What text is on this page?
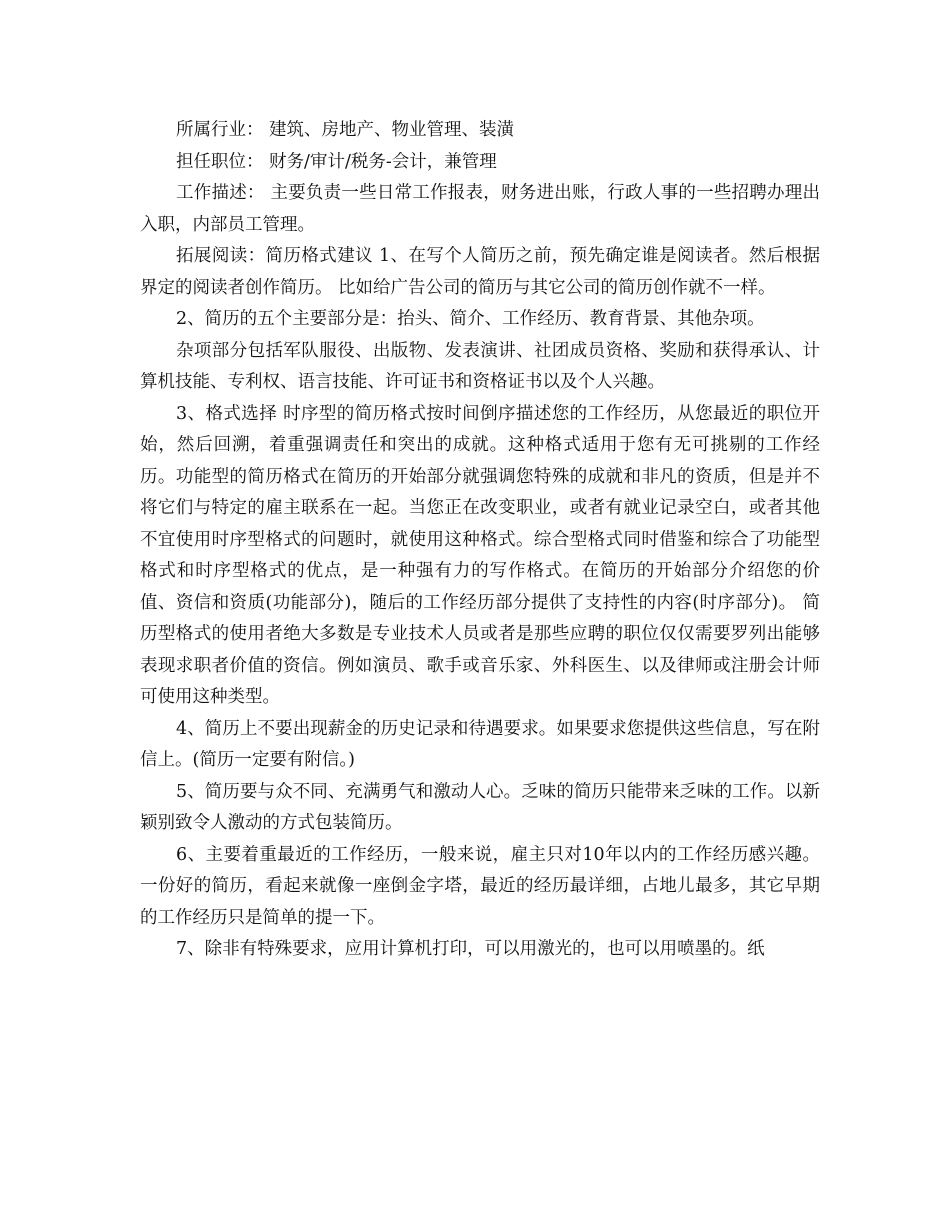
所属行业： 建筑、房地产、物业管理、装潢

担任职位： 财务/审计/税务-会计，兼管理

工作描述： 主要负责一些日常工作报表，财务进出账，行政人事的一些招聘办理出入职，内部员工管理。

拓展阅读：简历格式建议 1、在写个人简历之前，预先确定谁是阅读者。然后根据界定的阅读者创作简历。 比如给广告公司的简历与其它公司的简历创作就不一样。

2、简历的五个主要部分是：抬头、简介、工作经历、教育背景、其他杂项。

杂项部分包括军队服役、出版物、发表演讲、社团成员资格、奖励和获得承认、计算机技能、专利权、语言技能、许可证书和资格证书以及个人兴趣。

3、格式选择 时序型的简历格式按时间倒序描述您的工作经历，从您最近的职位开始，然后回溯，着重强调责任和突出的成就。这种格式适用于您有无可挑剔的工作经历。功能型的简历格式在简历的开始部分就强调您特殊的成就和非凡的资质，但是并不将它们与特定的雇主联系在一起。当您正在改变职业，或者有就业记录空白，或者其他不宜使用时序型格式的问题时，就使用这种格式。综合型格式同时借鉴和综合了功能型格式和时序型格式的优点，是一种强有力的写作格式。在简历的开始部分介绍您的价值、资信和资质(功能部分)，随后的工作经历部分提供了支持性的内容(时序部分)。 简历型格式的使用者绝大多数是专业技术人员或者是那些应聘的职位仅仅需要罗列出能够表现求职者价值的资信。例如演员、歌手或音乐家、外科医生、以及律师或注册会计师可使用这种类型。

4、简历上不要出现薪金的历史记录和待遇要求。如果要求您提供这些信息，写在附信上。(简历一定要有附信。)

5、简历要与众不同、充满勇气和激动人心。乏味的简历只能带来乏味的工作。以新颖别致令人激动的方式包装简历。

6、主要着重最近的工作经历，一般来说，雇主只对10年以内的工作经历感兴趣。一份好的简历，看起来就像一座倒金字塔，最近的经历最详细，占地儿最多，其它早期的工作经历只是简单的提一下。

7、除非有特殊要求，应用计算机打印，可以用激光的，也可以用喷墨的。纸
